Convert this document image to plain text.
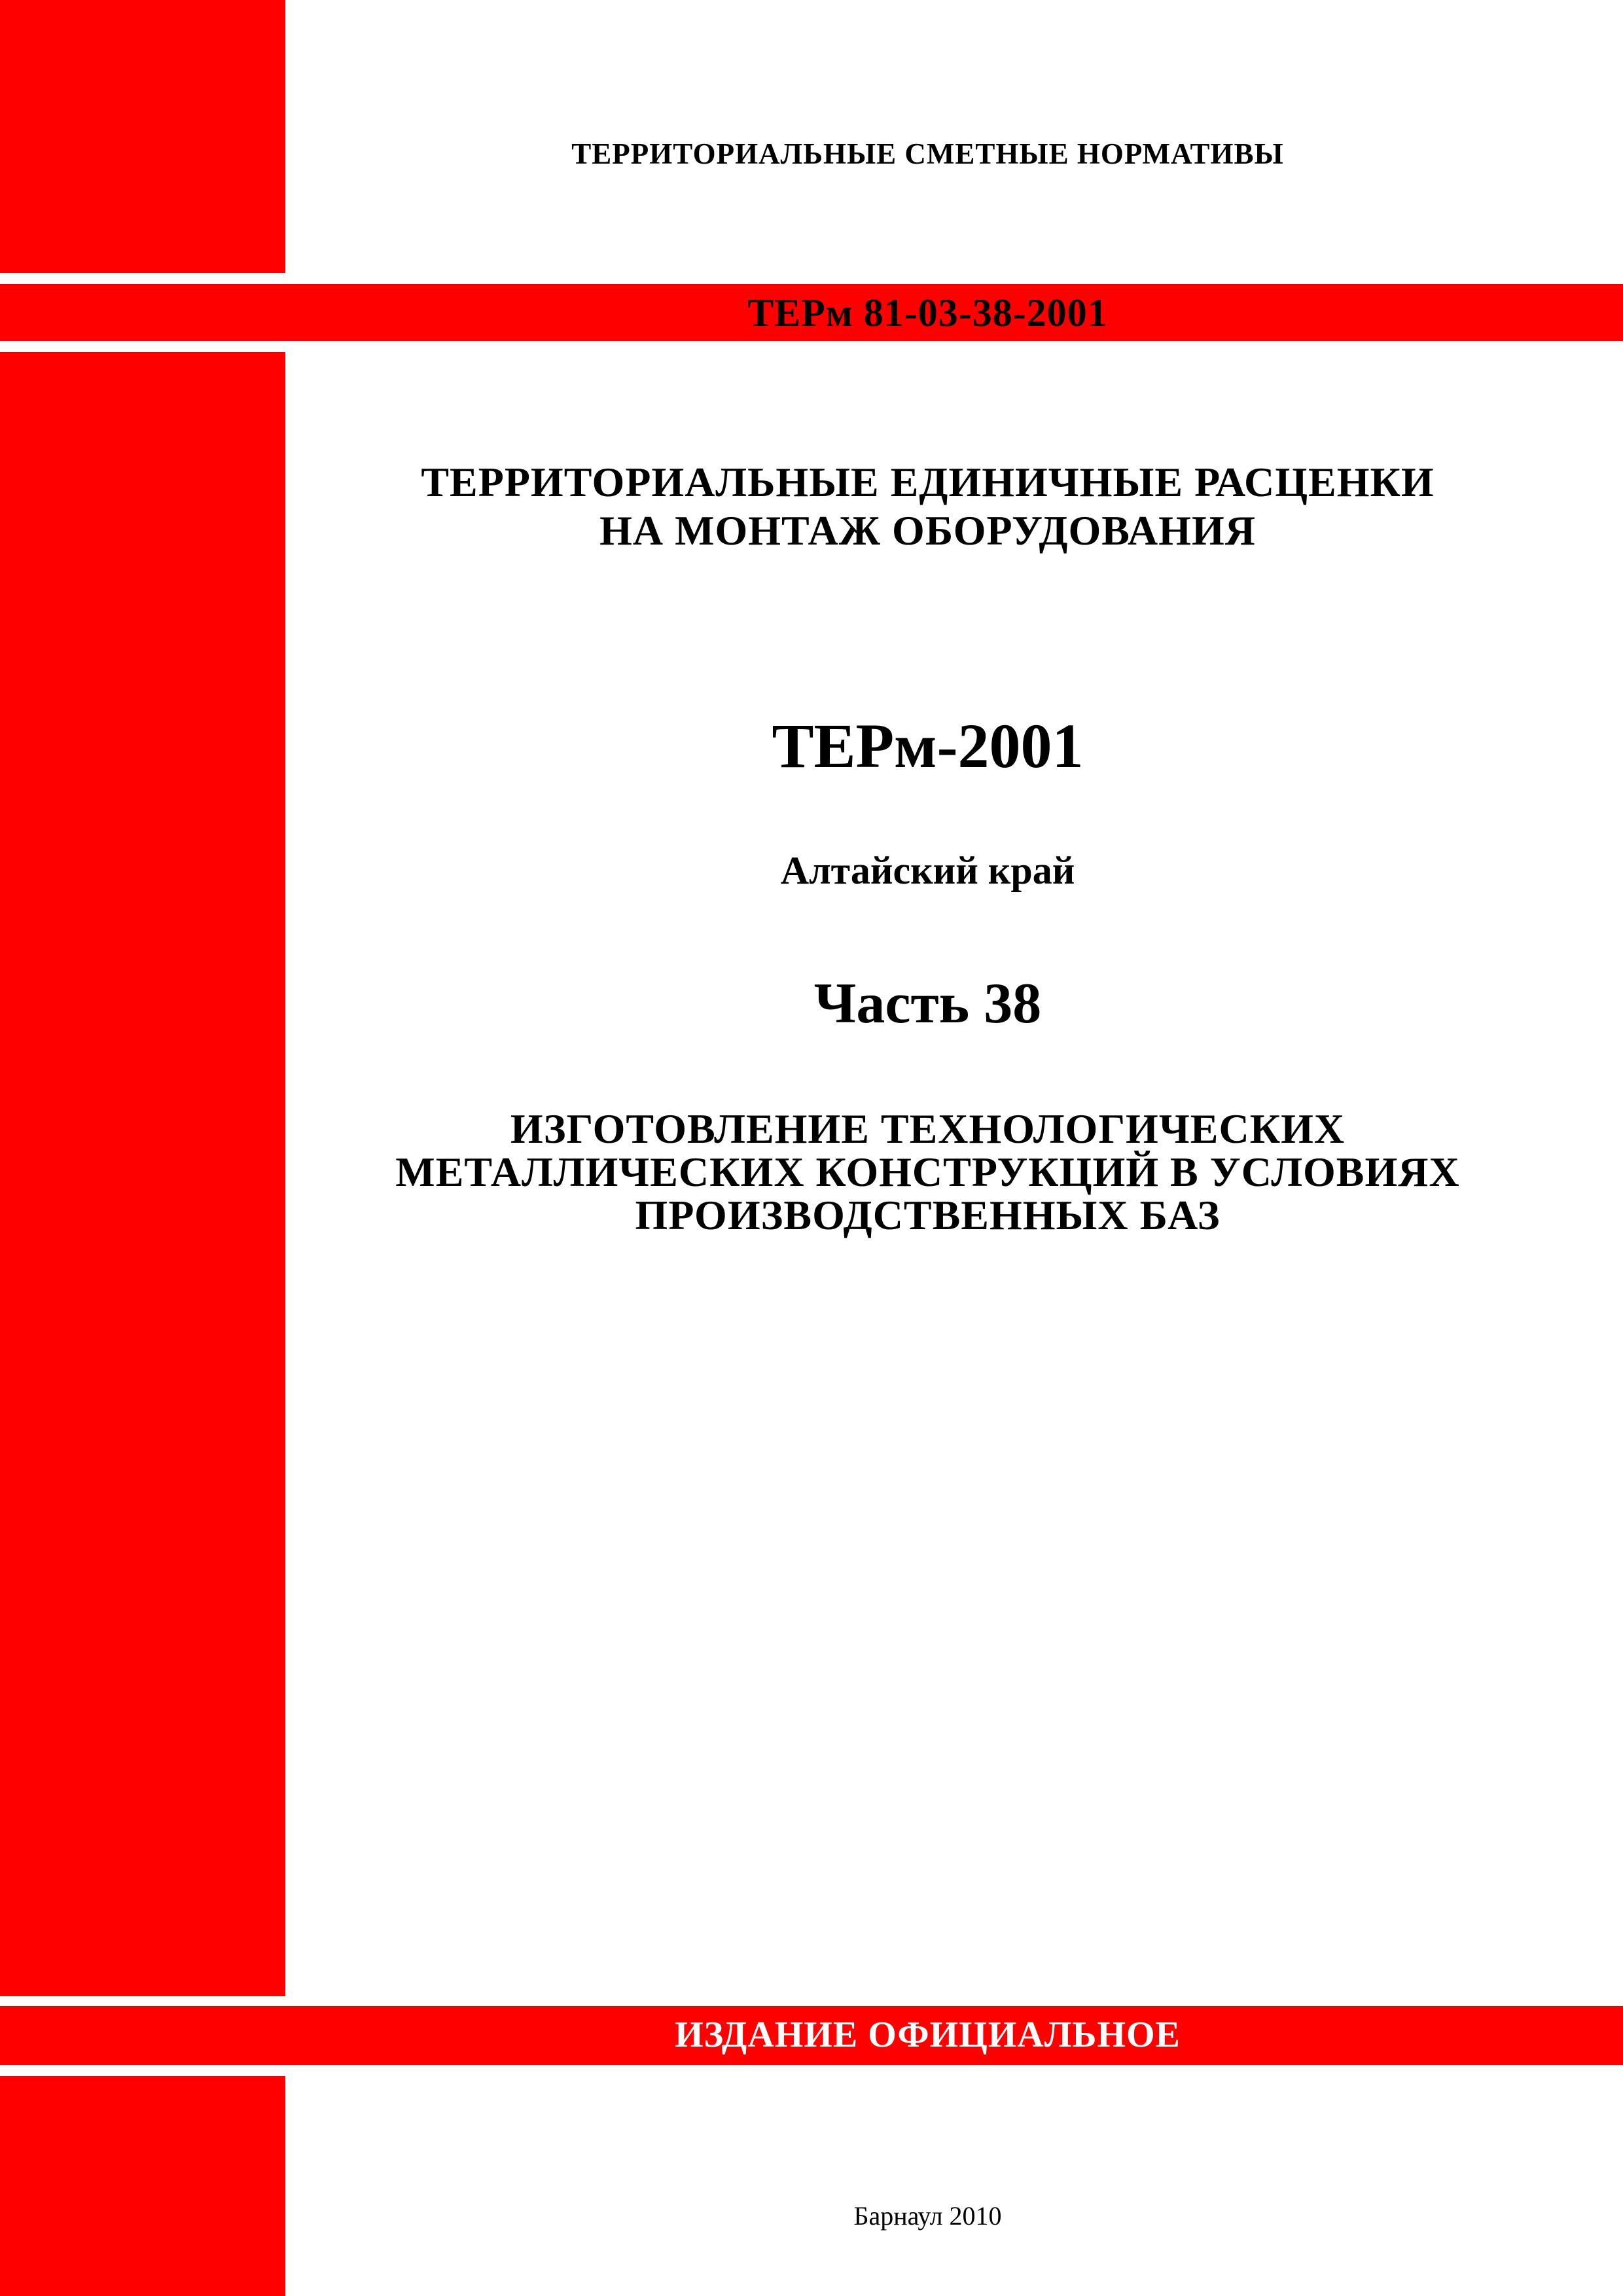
ТЕРРИТОРИАЛЬНЫЕ СМЕТНЫЕ НОРМАТИВЫ

ТЕРм 81-03-38-2001

ТЕРРИТОРИАЛЬНЫЕ ЕДИНИЧНЫЕ РАСЦЕНКИ
НА МОНТАЖ ОБОРУДОВАНИЯ

ТЕРм-2001

Алтайский край

Часть 38

ИЗГОТОВЛЕНИЕ ТЕХНОЛОГИЧЕСКИХ
МЕТАЛЛИЧЕСКИХ КОНСТРУКЦИЙ В УСЛОВИЯХ
ПРОИЗВОДСТВЕННЫХ БАЗ

ИЗДАНИЕ ОФИЦИАЛЬНОЕ

Барнаул 2010
